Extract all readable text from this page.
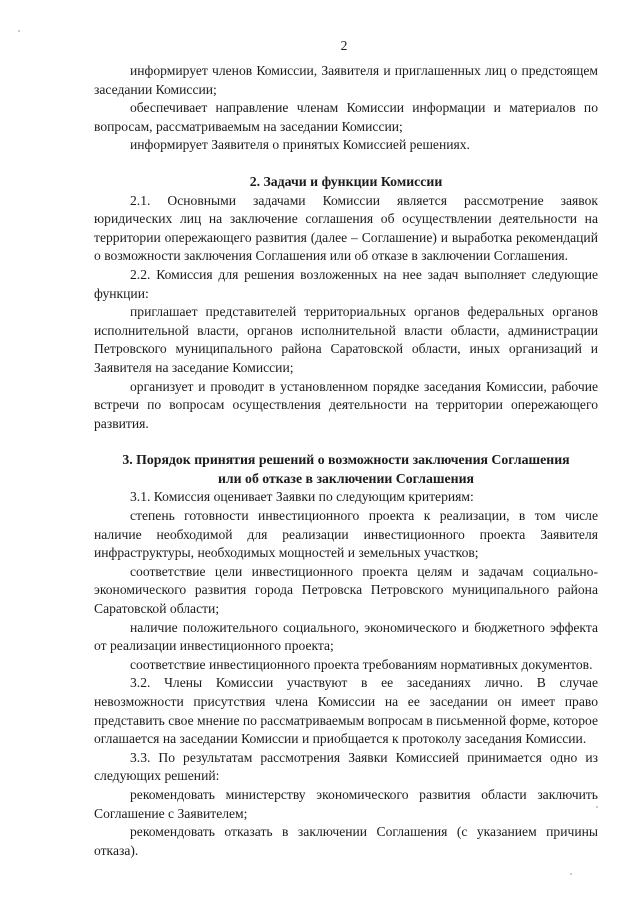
2

информирует членов Комиссии, Заявителя и приглашенных лиц о предстоящем заседании Комиссии;

обеспечивает направление членам Комиссии информации и материалов по вопросам, рассматриваемым на заседании Комиссии;

информирует Заявителя о принятых Комиссией решениях.

2. Задачи и функции Комиссии

2.1. Основными задачами Комиссии является рассмотрение заявок юридических лиц на заключение соглашения об осуществлении деятельности на территории опережающего развития (далее – Соглашение) и выработка рекомендаций о возможности заключения Соглашения или об отказе в заключении Соглашения.

2.2. Комиссия для решения возложенных на нее задач выполняет следующие функции:

приглашает представителей территориальных органов федеральных органов исполнительной власти, органов исполнительной власти области, администрации Петровского муниципального района Саратовской области, иных организаций и Заявителя на заседание Комиссии;

организует и проводит в установленном порядке заседания Комиссии, рабочие встречи по вопросам осуществления деятельности на территории опережающего развития.

3. Порядок принятия решений о возможности заключения Соглашения

или об отказе в заключении Соглашения

3.1. Комиссия оценивает Заявки по следующим критериям:

степень готовности инвестиционного проекта к реализации, в том числе наличие необходимой для реализации инвестиционного проекта Заявителя инфраструктуры, необходимых мощностей и земельных участков;

соответствие цели инвестиционного проекта целям и задачам социально-экономического развития города Петровска Петровского муниципального района Саратовской области;

наличие положительного социального, экономического и бюджетного эффекта от реализации инвестиционного проекта;

соответствие инвестиционного проекта требованиям нормативных документов.

3.2. Члены Комиссии участвуют в ее заседаниях лично. В случае невозможности присутствия члена Комиссии на ее заседании он имеет право представить свое мнение по рассматриваемым вопросам в письменной форме, которое оглашается на заседании Комиссии и приобщается к протоколу заседания Комиссии.

3.3. По результатам рассмотрения Заявки Комиссией принимается одно из следующих решений:

рекомендовать министерству экономического развития области заключить Соглашение с Заявителем;

рекомендовать отказать в заключении Соглашения (с указанием причины отказа).
